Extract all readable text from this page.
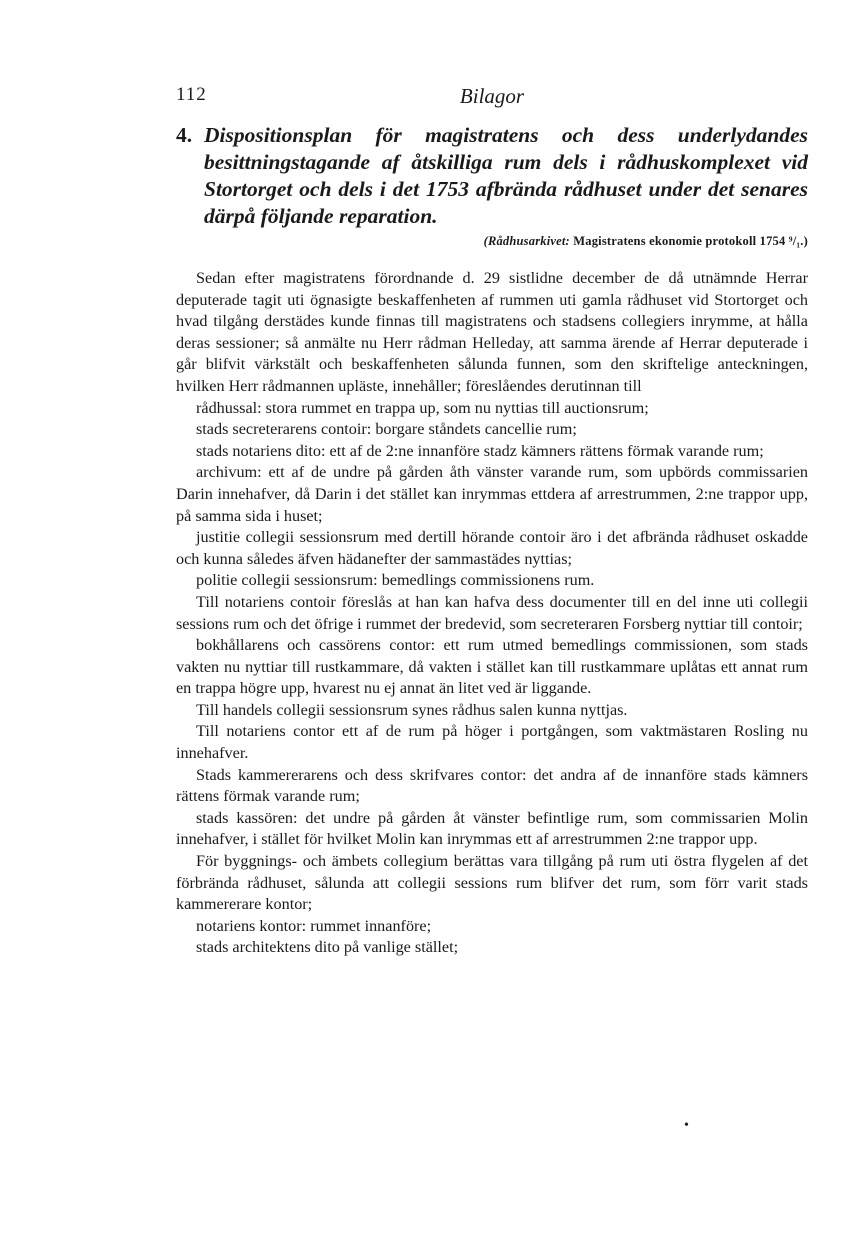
112	Bilagor
4. Dispositionsplan för magistratens och dess underlydandes besittningstagande af åtskilliga rum dels i rådhuskomplexet vid Stortorget och dels i det 1753 afbrända rådhuset under det senares därpå följande reparation.
(Rådhusarkivet: Magistratens ekonomie protokoll 1754 ⁹/₁.)

Sedan efter magistratens förordnande d. 29 sistlidne december de då utnämnde Herrar deputerade tagit uti ögnasigte beskaffenheten af rummen uti gamla rådhuset vid Stortorget och hvad tilgång derstädes kunde finnas till magistratens och stadsens collegiers inrymme, at hålla deras sessioner; så anmälte nu Herr rådman Helleday, att samma ärende af Herrar deputerade i går blifvit värkstält och beskaffenheten sålunda funnen, som den skriftelige anteckningen, hvilken Herr rådmannen upläste, innehåller; föreslåendes derutinnan till

rådhussal: stora rummet en trappa up, som nu nyttias till auctionsrum;

stads secreterarens contoir: borgare ståndets cancellie rum;

stads notariens dito: ett af de 2:ne innanföre stadz kämners rättens förmak varande rum;

archivum: ett af de undre på gården åth vänster varande rum, som upbörds commissarien Darin innehafver, då Darin i det stället kan inrymmas ettdera af arrestrummen, 2:ne trappor upp, på samma sida i huset;

justitie collegii sessionsrum med dertill hörande contoir äro i det afbrända rådhuset oskadde och kunna således äfven hädanefter der sammastädes nyttias;

politie collegii sessionsrum: bemedlings commissionens rum.

Till notariens contoir föreslås at han kan hafva dess documenter till en del inne uti collegii sessions rum och det öfrige i rummet der bredevid, som secreteraren Forsberg nyttiar till contoir;

bokhållarens och cassörens contor: ett rum utmed bemedlings commissionen, som stads vakten nu nyttiar till rustkammare, då vakten i stället kan till rustkammare uplåtas ett annat rum en trappa högre upp, hvarest nu ej annat än litet ved är liggande.

Till handels collegii sessionsrum synes rådhus salen kunna nyttjas.

Till notariens contor ett af de rum på höger i portgången, som vaktmästaren Rosling nu innehafver.

Stads kammererarens och dess skrifvares contor: det andra af de innanföre stads kämners rättens förmak varande rum;

stads kassören: det undre på gården åt vänster befintlige rum, som commissarien Molin innehafver, i stället för hvilket Molin kan inrymmas ett af arrestrummen 2:ne trappor upp.

För byggnings- och ämbets collegium berättas vara tillgång på rum uti östra flygelen af det förbrända rådhuset, sålunda att collegii sessions rum blifver det rum, som förr varit stads kammererare kontor;

notariens kontor: rummet innanföre;

stads architektens dito på vanlige stället;

•
